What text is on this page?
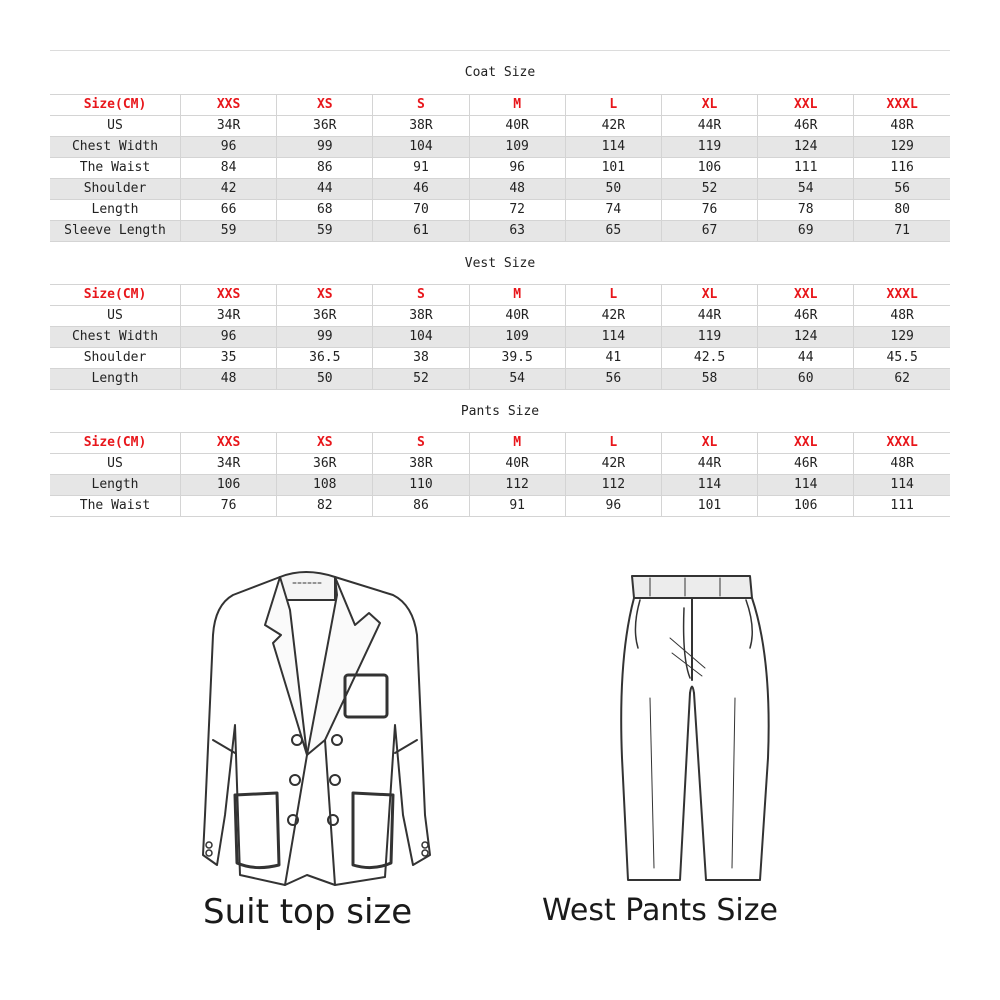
Coat Size
Size(CM)	XXS	XS	S	M	L	XL	XXL	XXXL
US	34R	36R	38R	40R	42R	44R	46R	48R
Chest Width	96	99	104	109	114	119	124	129
The Waist	84	86	91	96	101	106	111	116
Shoulder	42	44	46	48	50	52	54	56
Length	66	68	70	72	74	76	78	80
Sleeve Length	59	59	61	63	65	67	69	71
Vest Size
Size(CM)	XXS	XS	S	M	L	XL	XXL	XXXL
US	34R	36R	38R	40R	42R	44R	46R	48R
Chest Width	96	99	104	109	114	119	124	129
Shoulder	35	36.5	38	39.5	41	42.5	44	45.5
Length	48	50	52	54	56	58	60	62
Pants Size
Size(CM)	XXS	XS	S	M	L	XL	XXL	XXXL
US	34R	36R	38R	40R	42R	44R	46R	48R
Length	106	108	110	112	112	114	114	114
The Waist	76	82	86	91	96	101	106	111
Suit top size	West Pants Size
